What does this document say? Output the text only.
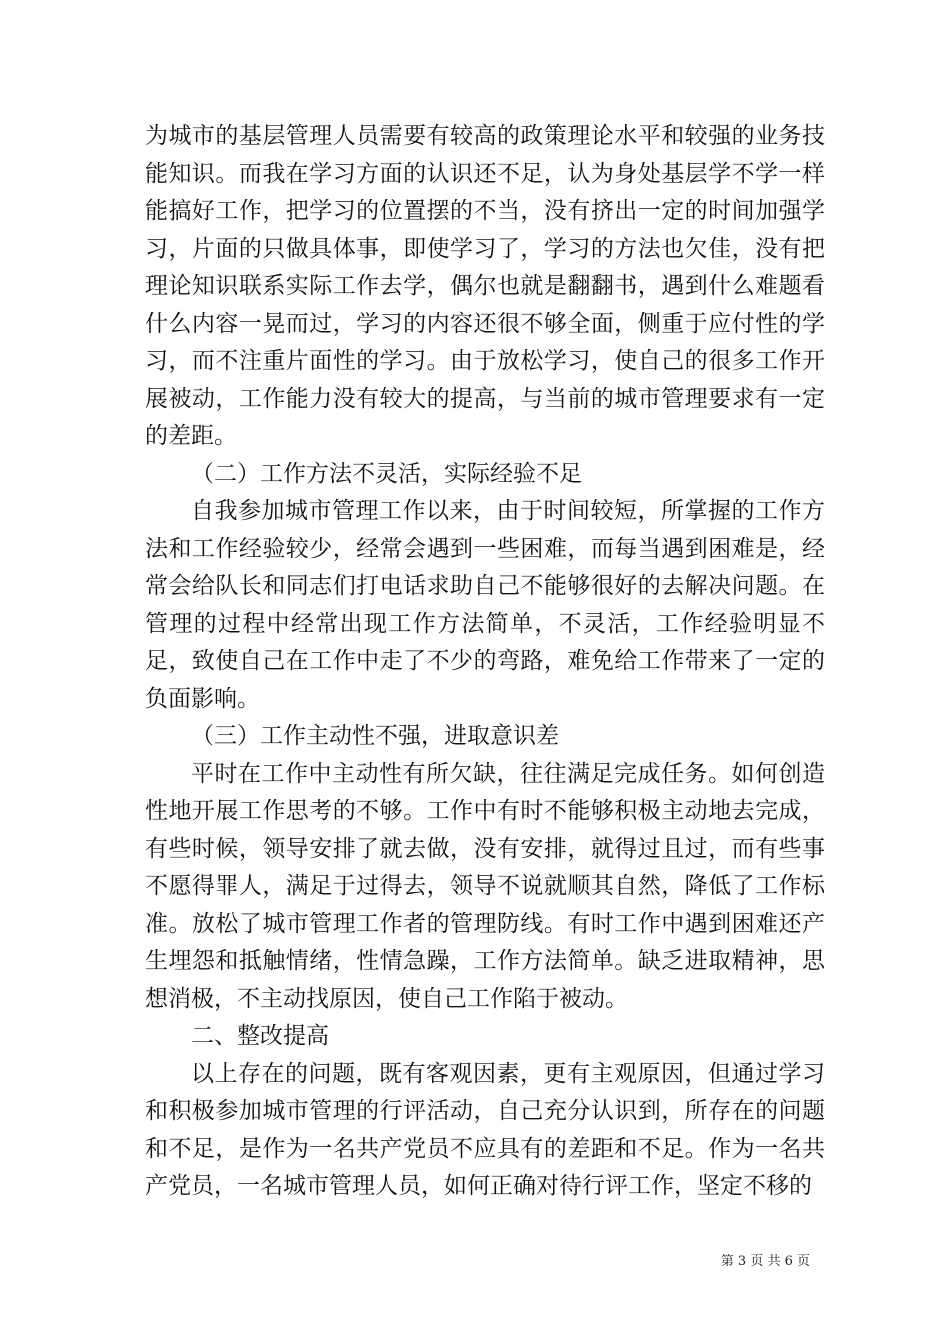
为城市的基层管理人员需要有较高的政策理论水平和较强的业务技能知识。而我在学习方面的认识还不足，认为身处基层学不学一样能搞好工作，把学习的位置摆的不当，没有挤出一定的时间加强学习，片面的只做具体事，即使学习了，学习的方法也欠佳，没有把理论知识联系实际工作去学，偶尔也就是翻翻书，遇到什么难题看什么内容一晃而过，学习的内容还很不够全面，侧重于应付性的学习，而不注重片面性的学习。由于放松学习，使自己的很多工作开展被动，工作能力没有较大的提高，与当前的城市管理要求有一定的差距。

（二）工作方法不灵活，实际经验不足

自我参加城市管理工作以来，由于时间较短，所掌握的工作方法和工作经验较少，经常会遇到一些困难，而每当遇到困难是，经常会给队长和同志们打电话求助自己不能够很好的去解决问题。在管理的过程中经常出现工作方法简单，不灵活，工作经验明显不足，致使自己在工作中走了不少的弯路，难免给工作带来了一定的负面影响。

（三）工作主动性不强，进取意识差

平时在工作中主动性有所欠缺，往往满足完成任务。如何创造性地开展工作思考的不够。工作中有时不能够积极主动地去完成，有些时候，领导安排了就去做，没有安排，就得过且过，而有些事不愿得罪人，满足于过得去，领导不说就顺其自然，降低了工作标准。放松了城市管理工作者的管理防线。有时工作中遇到困难还产生埋怨和抵触情绪，性情急躁，工作方法简单。缺乏进取精神，思想消极，不主动找原因，使自己工作陷于被动。

二、整改提高

以上存在的问题，既有客观因素，更有主观原因，但通过学习和积极参加城市管理的行评活动，自己充分认识到，所存在的问题和不足，是作为一名共产党员不应具有的差距和不足。作为一名共产党员，一名城市管理人员，如何正确对待行评工作，坚定不移的

第 3 页 共 6 页
